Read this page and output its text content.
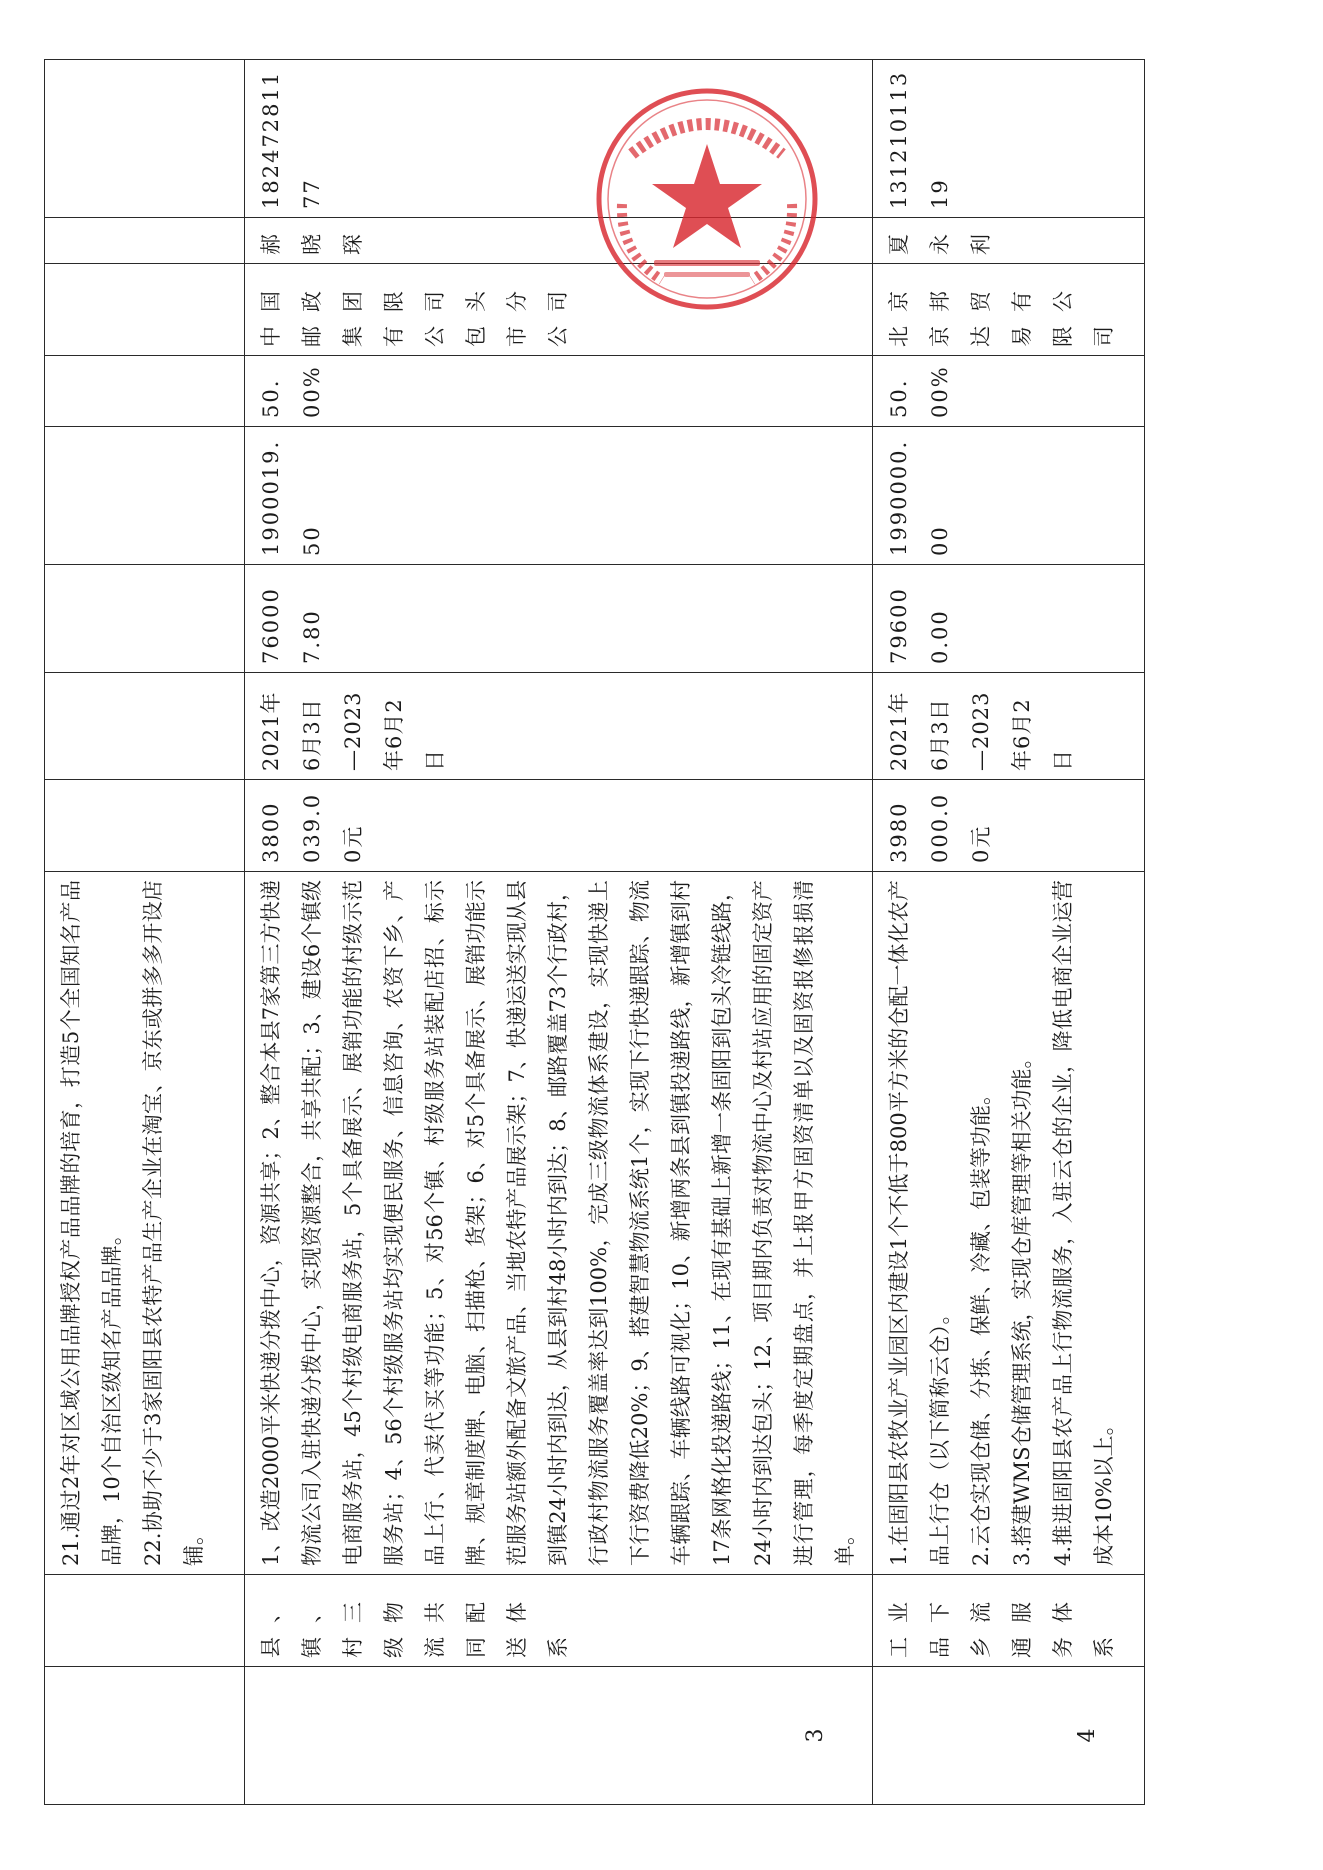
		21.通过2年对区域公用品牌授权产品品牌的培育，打造5个全国知名产品品牌，10个自治区级知名产品品牌。 22.协助不少于3家固阳县农特产品生产企业在淘宝、京东或拼多多开设店铺。								

3	县、镇、村三级物流共同配送体系	1、改造2000平米快递分拨中心，资源共享；2、整合本县7家第三方快递物流公司入驻快递分拨中心，实现资源整合，共享共配；3、建设6个镇级电商服务站，45个村级电商服务站，5个具备展示、展销功能的村级示范服务站；4、56个村级服务站均实现便民服务、信息咨询、农资下乡、产品上行、代卖代买等功能；5、对56个镇、村级服务站装配店招、标示牌、规章制度牌、电脑、扫描枪、货架；6、对5个具备展示、展销功能示范服务站额外配备文旅产品、当地农特产品展示架；7、快递运送实现从县到镇24小时内到达，从县到村48小时内到达；8、邮路覆盖73个行政村，行政村物流服务覆盖率达到100%，完成三级物流体系建设，实现快递上下行资费降低20%；9、搭建智慧物流系统1个，实现下行快递跟踪、物流车辆跟踪、车辆线路可视化；10、新增两条县到镇投递路线，新增镇到村17条网格化投递路线；11、在现有基础上新增一条固阳到包头冷链线路，24小时内到达包头；12、项目期内负责对物流中心及村站应用的固定资产进行管理，每季度定期盘点，并上报甲方固资清单以及固资报修报损清单。	3800039.00元	2021年6月3日—2023年6月2日	760007.80	1900019.50	50.00%	中国邮政集团有限公司包头市分公司	郝晓琛	18247281177
4	工业品下乡流通服务体系	1.在固阳县农牧业产业园区内建设1个不低于800平方米的仓配一体化农产品上行仓（以下简称云仓）。 2.云仓实现仓储、分拣、保鲜、冷藏、包装等功能。 3.搭建WMS仓储管理系统，实现仓库管理等相关功能。 4.推进固阳县农产品上行物流服务，入驻云仓的企业，降低电商企业运营成本10%以上。	3980000.00元	2021年6月3日—2023年6月2日	796000.00	1990000.00	50.00%	北京京邦达贸易有限公司	夏永利	13121011319
